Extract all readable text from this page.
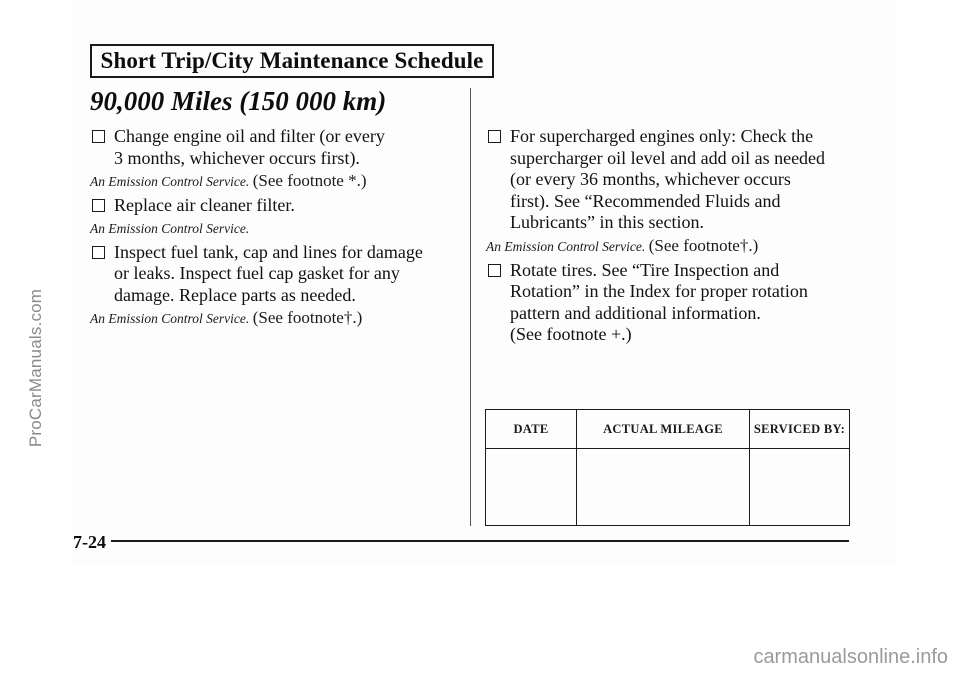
Short Trip/City Maintenance Schedule
90,000 Miles (150 000 km)
Change engine oil and filter (or every
3 months, whichever occurs first).
An Emission Control Service. (See footnote *.)
Replace air cleaner filter.
An Emission Control Service.
Inspect fuel tank, cap and lines for damage
or leaks. Inspect fuel cap gasket for any
damage. Replace parts as needed.
An Emission Control Service. (See footnote†.)
For supercharged engines only: Check the
supercharger oil level and add oil as needed
(or every 36 months, whichever occurs
first). See “Recommended Fluids and
Lubricants” in this section.
An Emission Control Service. (See footnote†.)
Rotate tires. See “Tire Inspection and
Rotation” in the Index for proper rotation
pattern and additional information.
(See footnote +.)
DATE	ACTUAL MILEAGE	SERVICED BY:

7-24
ProCarManuals.com
carmanualsonline.info
